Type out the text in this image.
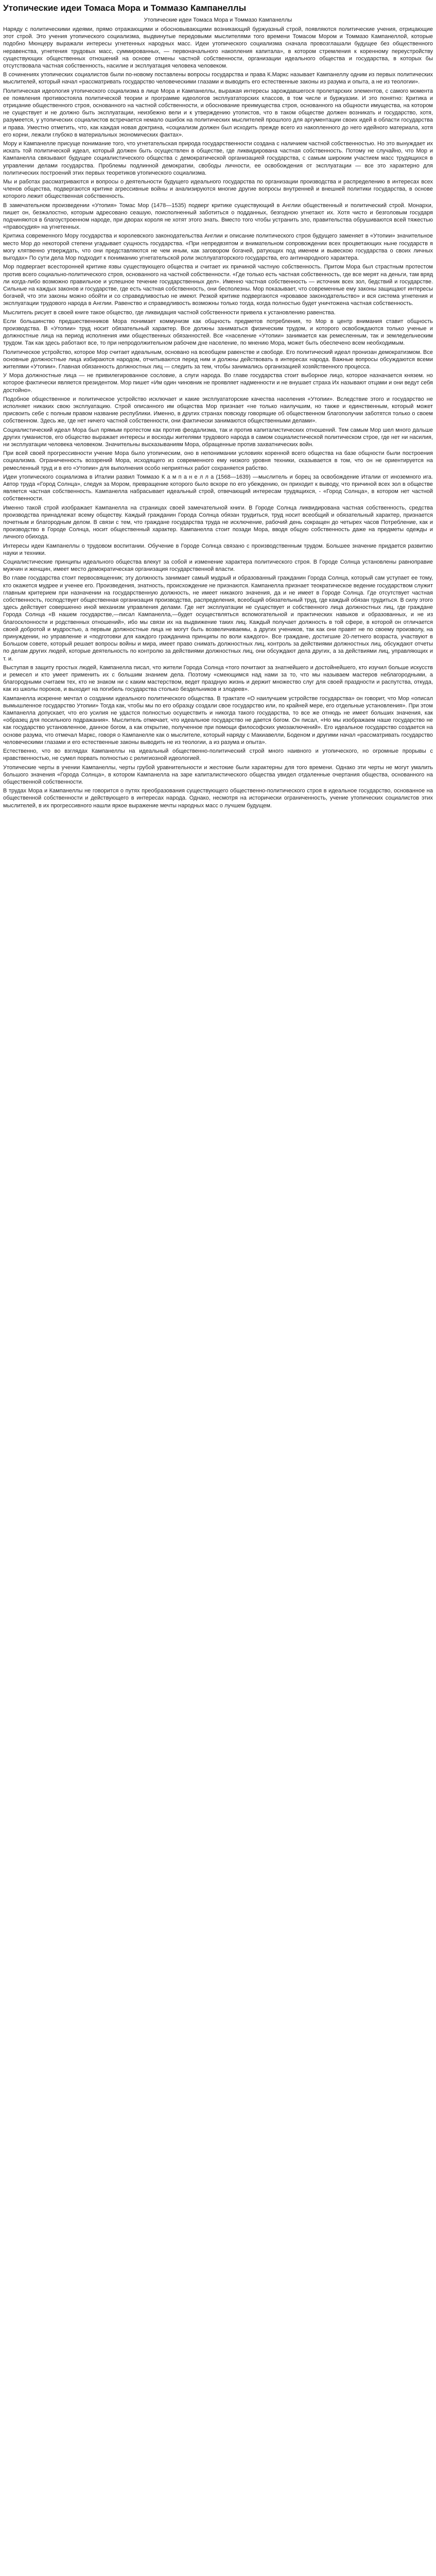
Утопические идеи Томаса Мора и Томмазо Кампанеллы

Утопические идеи Томаса Мора и Томмазо Кампанеллы

Наряду с политическими идеями, прямо отражающими и обосновывающими возникающий буржуазный строй, появляются политические учения, отрицающие этот строй. Это учения утопического социализма, выдвинутые передовыми мыслителями того времени Томасом Мором и Томмазо Кампанеллой, которые подобно Мюнцеру выражали интересы угнетенных народных масс. Идеи утопического социализма сначала провозглашали будущее без общественного неравенства, угнетения трудовых масс, суммированных, — первоначального накопления капитала», в котором стремления к коренному переустройству существующих общественных отношений на основе отмены частной собственности, организации идеального общества и государства, в которых бы отсутствовала частная собственность, насилие и эксплуатация человека человеком.

В сочинениях утопических социалистов были по-новому поставлены вопросы государства и права К.Маркс называет Кампанеллу одним из первых политических мыслителей, который начал «рассматривать государство человеческими глазами и выводить его естественные законы из разума и опыта, а не из теологии».

Политическая идеология утопического социализма в лице Мора и Кампанеллы, выражая интересы зарождавшегося пролетарских элементов, с самого момента ее появления противостояла политической теории и программе идеологов эксплуататорских классов, в том числе и буржуазии. И это понятно: Критика и отрицание общественного строя, основанного на частной собственности, и обоснование преимущества строя, основанного на общности имущества, на котором не существует и не должно быть эксплуатации, неизбежно вели и к утверждению утопистов, что в таком обществе должен возникать и государство, хотя, разумеется, у утопических социалистов встречается немало ошибок на политических мыслителей прошлого для аргументации своих идей в области государства и права. Уместно отметить, что, как каждая новая доктрина, «социализм должен был исходить прежде всего из накопленного до него идейного материала, хотя его корни, лежали глубоко в материальных экономических фактах».

Мору и Кампанелле присуще понимание того, что угнетательская природа государственности создана с наличием частной собственностью. Но это вынуждает их искать той политической идеал, который должен быть осуществлен в обществе, где ликвидирована частная собственность. Потому не случайно, что Мор и Кампанелла связывают будущее социалистического общества с демократической организацией государства, с самым широким участием масс трудящихся в управлении делами государства. Проблемы подлинной демократии, свободы личности, ее освобождения от эксплуатации — все это характерно для политических построений этих первых теоретиков утопического социализма.

Мы и работах рассматриваются и вопросы о деятельности будущего идеального государства по организации производства и распределению в интересах всех членов общества, подвергаются критике агрессивные войны и анализируются многие другие вопросы внутренней и внешней политики государства, в основе которого лежит общественная собственность.

В замечательном произведении «Утопия» Томас Мор (1478—1535) подверг критике существующий в Англии общественный и политический строй. Монархи, пишет он, безжалостно, которым адресовано сеашую, поисполненный заботиться о подданных, безгодною угнетают их. Хотя чисто и безголовым государя подчиняются в благоустроенном народе, при дворах короля не хотят этого знать. Вместо того чтобы устранить зло, правительства обрушиваются всей тяжестью «правосудия» на угнетенных.

Критика современного Мору государства и королевского законодательства Англии и описание политического строя будущего заменяет в «Утопии» значительное место Мор до некоторой степени угадывает сущность государства. «При непредвзятом и внимательном сопровождении всех процветающих ныне государств я могу клятвенно утверждать, что они представляются не чем иным, как заговором богачей, ратующих под именем и вывескою государства о своих личных выгодах» По сути дела Мор подходит к пониманию угнетательской роли эксплуататорского государства, его антинародного характера.

Мор подвергает всесторонней критике язвы существующего общества и считает их причиной частную собственность. Притом Мора был страстным протестом против всего социально-политического строя, основанного на частной собственности. «Где только есть частная собственность, где все мерят на деньги, там вряд ли когда-либо возможно правильное и успешное течение государственных дел». Именно частная собственность — источник всех зол, бедствий и государстве. Сильные на каждых законов и государстве, где есть частная собственность, они бесполезны. Мор показывает, что современные ему законы защищают интересы богачей, что эти законы можно обойти и со справедливостью не имеют. Резкой критике подвергаются «кровавое законодательство» и вся система угнетения и эксплуатации трудового народа в Англии. Равенство и справедливость возможны только тогда, когда полностью будет уничтожена частная собственность.

Мыслитель рисует в своей книге такое общество, где ликвидация частной собственности привела к установлению равенства.

Если большинство предшественников Мора понимает коммунизм как общность предметов потребления, то Мор в центр внимания ставит общность производства. В «Утопии» труд носит обязательный характер. Все должны заниматься физическим трудом, и которого освобождаются только ученые и должностные лица на период исполнения ими общественных обязанностей. Все «население «Утопии» занимается как ремесленным, так и земледельческим трудом. Так как здесь работают все, то при непродолжительном рабочем дне население, по мнению Мора, может быть обеспечено всем необходимым.

Политическое устройство, которое Мор считает идеальным, основано на всеобщем равенстве и свободе. Его политический идеал пронизан демократизмом. Все основные должностные лица избираются народом, отчитываются перед ним и должны действовать в интересах народа. Важные вопросы обсуждаются всеми жителями «Утопии». Главная обязанность должностных лиц — следить за тем, чтобы занимались организацией хозяйственного процесса.

У Мора должностные лица — не привилегированное сословие, а слуги народа. Во главе государства стоит выборное лицо, которое назначается князем. но которое фактически является президентом. Мор пишет «Им один чиновник не проявляет надменности и не внушает страха Их называют отцами и они ведут себя достойно».

Подобное общественное и политическое устройство исключает и какие эксплуататорские качества населения «Утопии». Вследствие этого и государство не исполняет никаких свою эксплуатацию. Строй описанного им общества Мор признает «не только наилучшим, но также и единственным, который может присвоить себе с полным правом название республики. Именно, в других странах повсюду говорящие об общественном благополучии заботятся только о своем собственном. Здесь же, где нет ничего частной собственности, они фактически занимаются общественными делами».

Социалистический идеал Мора был прямым протестом как против феодализма, так и против капиталистических отношений. Тем самым Мор шел много дальше других гуманистов, его общество выражает интересы и восходы жителями трудового народа в самом социалистической политическом строе, где нет ни насилия, ни эксплуатации человека человеком. Значительны высказываниям Мора, обращенные против захватнических войн.

При всей своей прогрессивности учение Мора было утопическим, оно в непонимании условиях коренной всего общества на базе общности были построения социализма. Ограниченность воззрений Мора, исходящего из современного ему низкого уровня техники, сказывается в том, что он не ориентируется на ремесленный труд и в его «Утопии» для выполнения особо неприятных работ сохраняется рабство.

Идеи утопического социализма в Италии развил Томмазо К а м п а н е л л а (1568—1639) —мыслитель и борец за освобождение Италии от иноземного ига. Автор труда «Город Солнца», следуя за Мором, превращение которого было вскоре по его убеждению, он приходит к выводу, что причиной всех зол в обществе является частная собственность. Кампанелла набрасывает идеальный строй, отвечающий интересам трудящихся, - «Город Солнца», в котором нет частной собственности.

Именно такой строй изображает Кампанелла на страницах своей замечательной книги. В Городе Солнца ликвидирована частная собственность, средства производства принадлежат всему обществу. Каждый гражданин Города Солнца обязан трудиться, труд носит всеобщий и обязательный характер, признается почетным и благородным делом. В связи с тем, что граждане государства труда не исключение, рабочий день сокращен до четырех часов Потребление, как и производство в Городе Солнца, носит общественный характер. Кампанелла стоит позади Мора, вводя общую собственность даже на предметы одежды и личного обихода.

Интересы идеи Кампанеллы о трудовом воспитании. Обучение в Городе Солнца связано с производственным трудом. Большее значение придается развитию науки и техники.

Социалистические принципы идеального общества влекут за собой и изменение характера политического строя. В Городе Солнца установлены равноправие мужчин и женщин, имеет место демократическая организация государственной власти.

Во главе государства стоит первосвященник; эту должность занимает самый мудрый и образованный гражданин Города Солнца, который сам уступает ее тому, кто окажется мудрее и ученее его. Произведения, знатность, происхождение не признаются. Кампанелла признает теократическое ведение государством служит главным критерием при назначении на государственную должность, не имеет никакого значения, да и не имеет в Городе Солнца. Где отсутствует частная собственность, господствует общественная организация производства, распределения, всеобщий обязательный труд, где каждый обязан трудиться. В силу этого здесь действует совершенно иной механизм управления делами. Где нет эксплуатации не существует и собственного лица должностных лиц, где граждане Города Солнца «В нашем государстве,—писал Кампанелла,—будет осуществляться вспомогательной и практических навыков и образованных, и не из благосклонности и родственных отношений», ибо мы связи их на выдвижение таких лиц. Каждый получает должность в той сфере, в которой он отличается своей добротой и мудростью, а первым должностные лица не могут быть возвеличиваемы, а других учеников, так как они правят не по своему произволу, на принуждении, но управление и «подготовки для каждого гражданина принципы по воли каждого». Все граждане, достигшие 20-летнего возраста, участвуют в Большом совете, который решает вопросы войны и мира, имеет право снимать должностных лиц, контроль за действиями должностных лиц, обсуждают отчеты по делам других людей, которые деятельность по контролю за действиями должностных лиц, они обсуждают дела других, а за действиями лиц, управляющих и т. и.

Выступая в защиту простых людей, Кампанелла писал, что жители Города Солнца «того почитают за знатнейшего и достойнейшего, кто изучил больше искусств и ремесел и кто умеет применить их с большим знанием дела. Поэтому «смеющимся над нами за то, что мы называем мастеров неблагородными, а благородными считаем тех, кто не знаком ни с каким мастерством, ведет праздную жизнь и держит множество слуг для своей праздности и распутства, откуда, как из школы пороков, и выходит на погибель государства столько бездельников и злодеев».

Кампанелла искренне мечтал о создании идеального политического общества. В трактате «О наилучшем устройстве государства» он говорит, что Мор «описал вымышленное государство Утопии» Тогда как, чтобы мы по его образцу создали свое государство или, по крайней мере, его отдельные установления». При этом Кампанелла допускает, что его усилия не удастся полностью осуществить и никогда такого государства, то все же отнюдь не имеет больших значения, как «образец для посильного подражания». Мыслитель отмечает, что идеальное государство не дается богом. Он писал, «Но мы изображаем наше государство не как государство установленное, данное богом, а как открытие, полученное при помощи философских умозаключений». Его идеальное государство создается на основе разума, что отмечал Маркс, говоря о Кампанелле как о мыслителе, который наряду с Макиавелли, Боденом и другими начал «рассматривать государство человеческими глазами и его естественные законы выводить не из теологии, а из разума и опыта».

Естественно, что во взглядах Кампанеллы на идеальный общественно-политический строй много наивного и утопического, но огромные прорывы с нравственностью, не сумел порвать полностью с религиозной идеологией.

Утопические черты в учении Кампанеллы, черты грубой уравнительности и жестокие были характерны для того времени. Однако эти черты не могут умалить большого значения «Города Солнца», в котором Кампанелла на заре капиталистического общества увидел отдаленные очертания общества, основанного на общественной собственности.

В трудах Мора и Кампанеллы не говорится о путях преобразования существующего общественно-политического строя в идеальное государство, основанное на общественной собственности и действующего в интересах народа. Однако, несмотря на исторически ограниченность, учение утопических социалистов этих мыслителей, в их прогрессивного нашли яркое выражение мечты народных масс о лучшем будущем.
